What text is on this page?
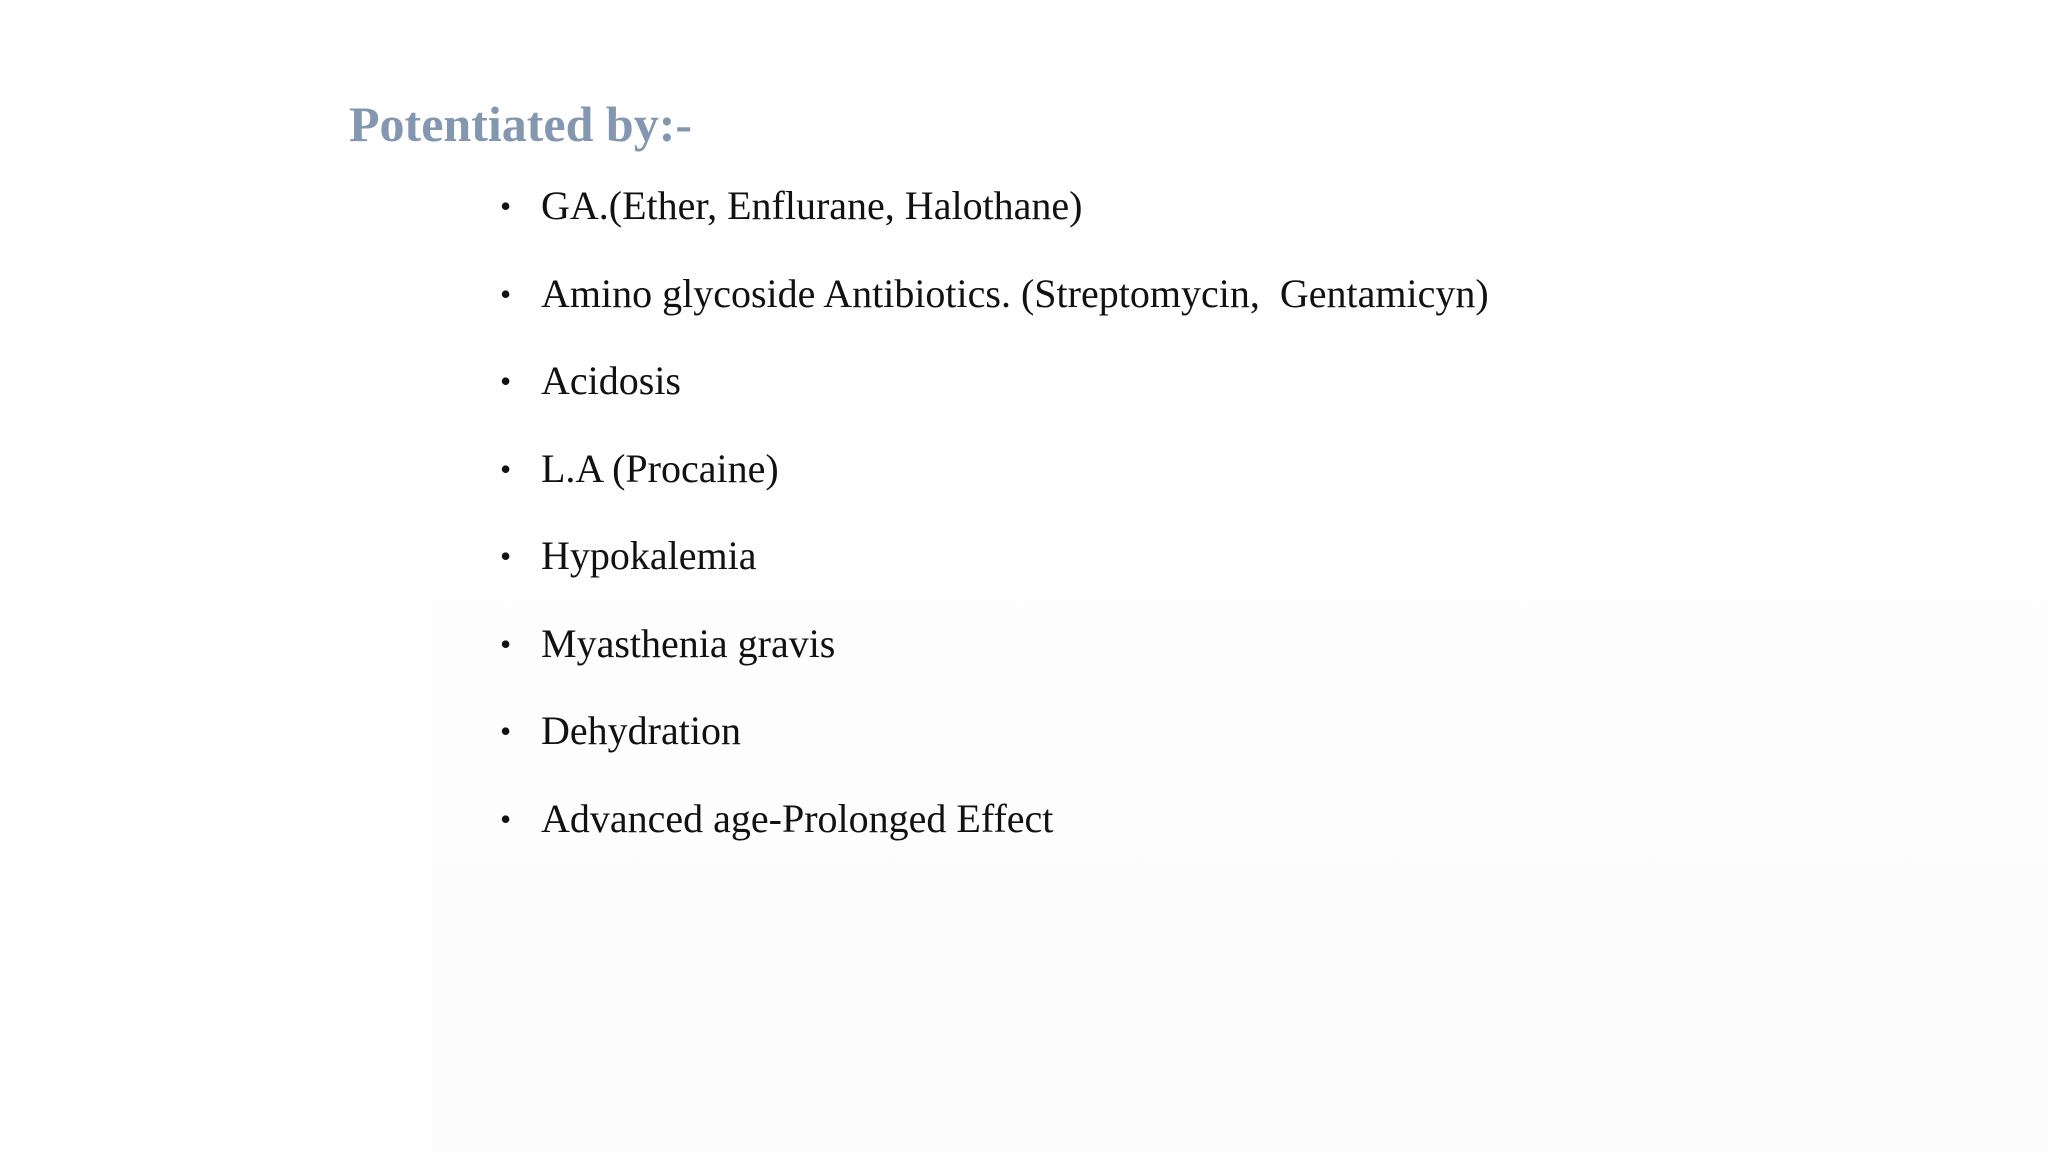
Potentiated by:-

•

GA.(Ether, Enflurane, Halothane)

•

Amino glycoside Antibiotics. (Streptomycin,  Gentamicyn)

•

Acidosis

•

L.A (Procaine)

•

Hypokalemia

•

Myasthenia gravis

•

Dehydration

•

Advanced age-Prolonged Effect
